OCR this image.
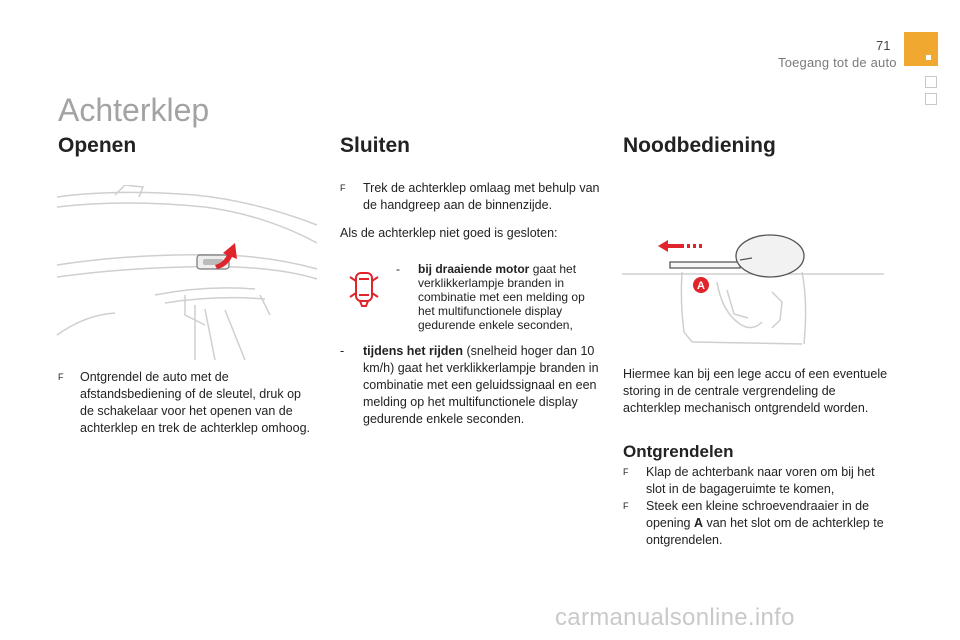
71
Toegang tot de auto
Achterklep
Openen
F Ontgrendel de auto met de afstandsbediening of de sleutel, druk op de schakelaar voor het openen van de achterklep en trek de achterklep omhoog.
Sluiten
F Trek de achterklep omlaag met behulp van de handgreep aan de binnenzijde.
Als de achterklep niet goed is gesloten:
- bij draaiende motor gaat het verklikkerlampje branden in combinatie met een melding op het multifunctionele display gedurende enkele seconden,
- tijdens het rijden (snelheid hoger dan 10 km/h) gaat het verklikkerlampje branden in combinatie met een geluidssignaal en een melding op het multifunctionele display gedurende enkele seconden.
Noodbediening
A
Hiermee kan bij een lege accu of een eventuele storing in de centrale vergrendeling de achterklep mechanisch ontgrendeld worden.
Ontgrendelen
F Klap de achterbank naar voren om bij het slot in de bagageruimte te komen,
F Steek een kleine schroevendraaier in de opening A van het slot om de achterklep te ontgrendelen.
carmanualsonline.info
